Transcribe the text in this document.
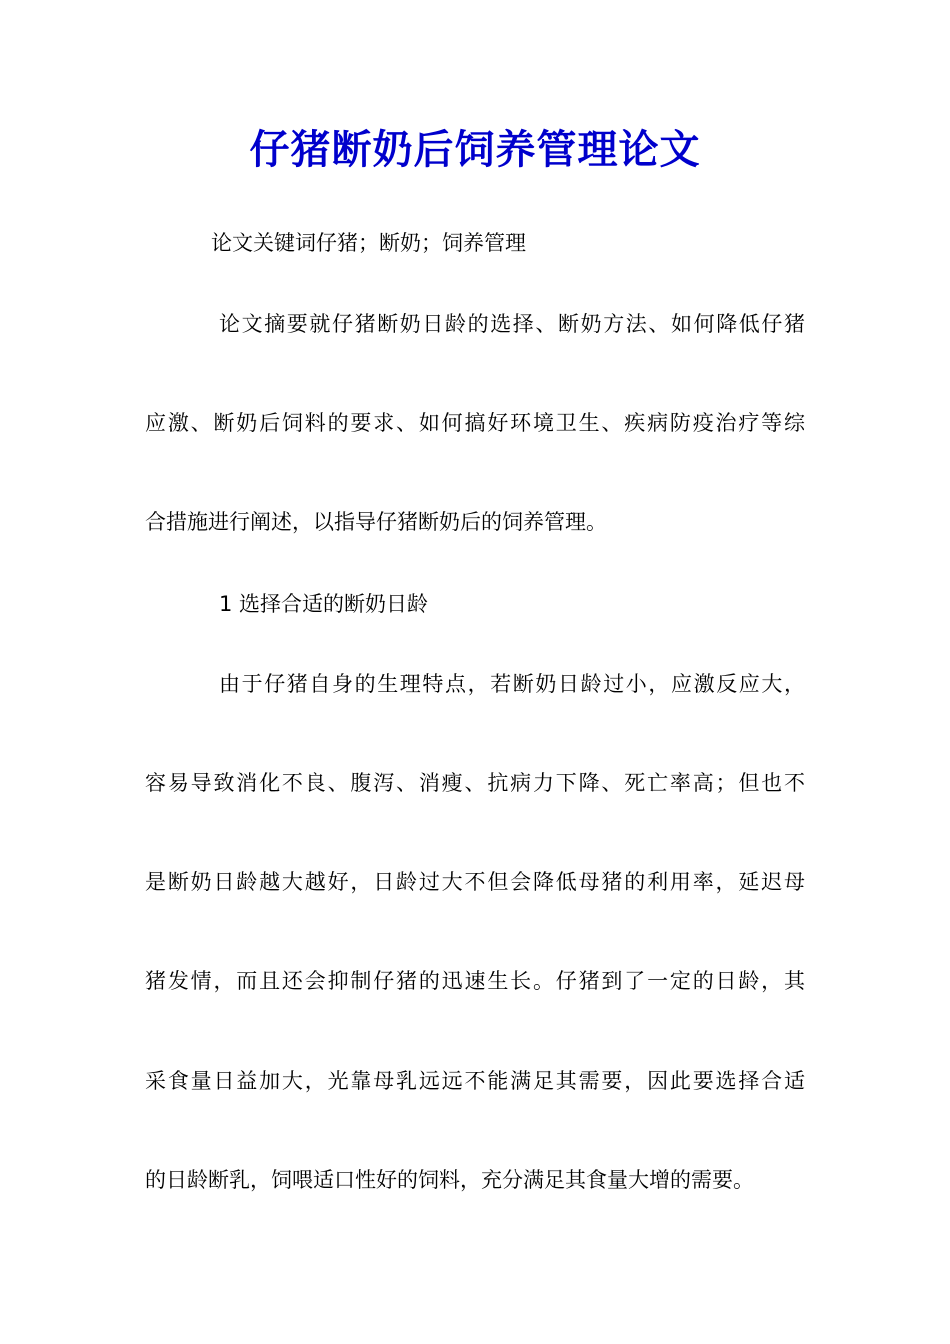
仔猪断奶后饲养管理论文
论文关键词仔猪；断奶；饲养管理
论文摘要就仔猪断奶日龄的选择、断奶方法、如何降低仔猪
应激、断奶后饲料的要求、如何搞好环境卫生、疾病防疫治疗等综
合措施进行阐述，以指导仔猪断奶后的饲养管理。
1 选择合适的断奶日龄
由于仔猪自身的生理特点，若断奶日龄过小，应激反应大，
容易导致消化不良、腹泻、消瘦、抗病力下降、死亡率高；但也不
是断奶日龄越大越好，日龄过大不但会降低母猪的利用率，延迟母
猪发情，而且还会抑制仔猪的迅速生长。仔猪到了一定的日龄，其
采食量日益加大，光靠母乳远远不能满足其需要，因此要选择合适
的日龄断乳，饲喂适口性好的饲料，充分满足其食量大增的需要。
